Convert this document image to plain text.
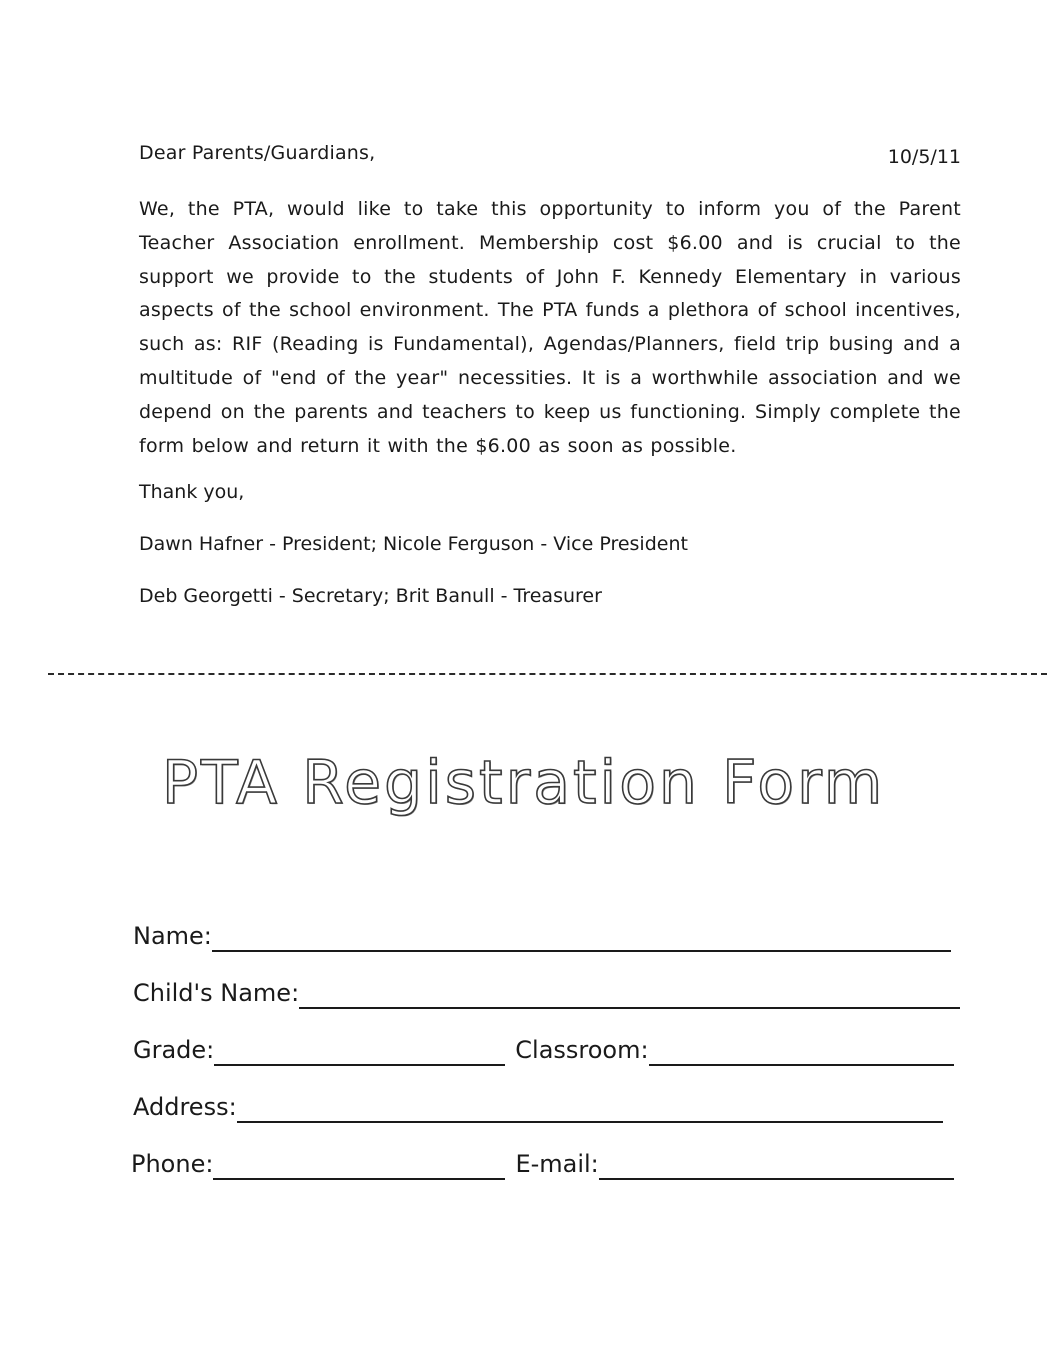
Dear Parents/Guardians,	10/5/11
We, the PTA, would like to take this opportunity to inform you of the Parent Teacher Association enrollment. Membership cost $6.00 and is crucial to the support we provide to the students of John F. Kennedy Elementary in various aspects of the school environment. The PTA funds a plethora of school incentives, such as: RIF (Reading is Fundamental), Agendas/Planners, field trip busing and a multitude of "end of the year" necessities. It is a worthwhile association and we depend on the parents and teachers to keep us functioning. Simply complete the form below and return it with the $6.00 as soon as possible.
Thank you,
Dawn Hafner - President; Nicole Ferguson - Vice President
Deb Georgetti - Secretary; Brit Banull - Treasurer
PTA Registration Form
Name:
Child's Name:
Grade:	Classroom:
Address:
Phone:	E-mail:
